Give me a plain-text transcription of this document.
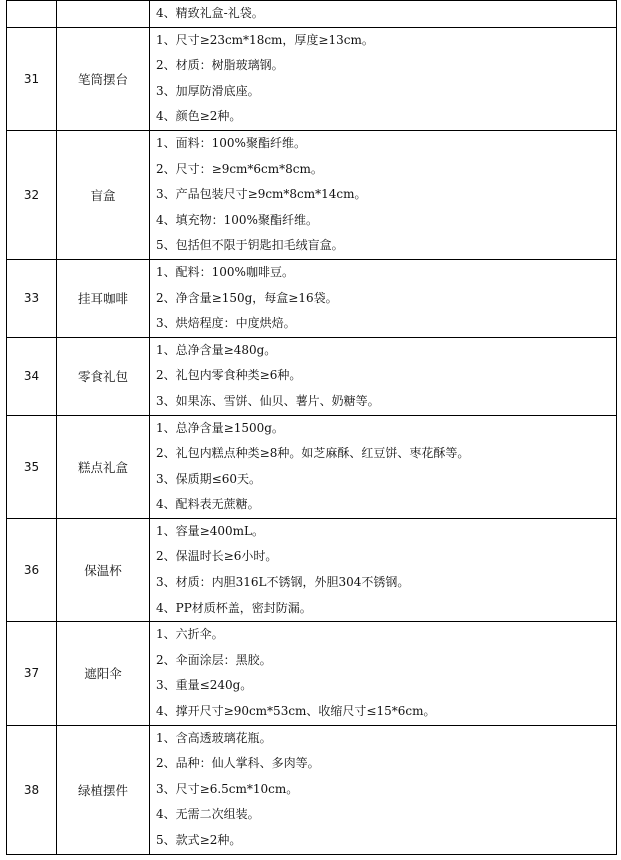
		4、精致礼盒-礼袋。

31	笔筒摆台	1、尺寸≥23cm*18cm，厚度≥13cm。
2、材质：树脂玻璃钢。
3、加厚防滑底座。
4、颜色≥2种。

32	盲盒	1、面料：100%聚酯纤维。
2、尺寸：≥9cm*6cm*8cm。
3、产品包装尺寸≥9cm*8cm*14cm。
4、填充物：100%聚酯纤维。
5、包括但不限于钥匙扣毛绒盲盒。

33	挂耳咖啡	1、配料：100%咖啡豆。
2、净含量≥150g，每盒≥16袋。
3、烘焙程度：中度烘焙。

34	零食礼包	1、总净含量≥480g。
2、礼包内零食种类≥6种。
3、如果冻、雪饼、仙贝、薯片、奶糖等。

35	糕点礼盒	1、总净含量≥1500g。
2、礼包内糕点种类≥8种。如芝麻酥、红豆饼、枣花酥等。
3、保质期≤60天。
4、配料表无蔗糖。

36	保温杯	1、容量≥400mL。
2、保温时长≥6小时。
3、材质：内胆316L不锈钢，外胆304不锈钢。
4、PP材质杯盖，密封防漏。

37	遮阳伞	1、六折伞。
2、伞面涂层：黑胶。
3、重量≤240g。
4、撑开尺寸≥90cm*53cm、收缩尺寸≤15*6cm。

38	绿植摆件	1、含高透玻璃花瓶。
2、品种：仙人掌科、多肉等。
3、尺寸≥6.5cm*10cm。
4、无需二次组装。
5、款式≥2种。
